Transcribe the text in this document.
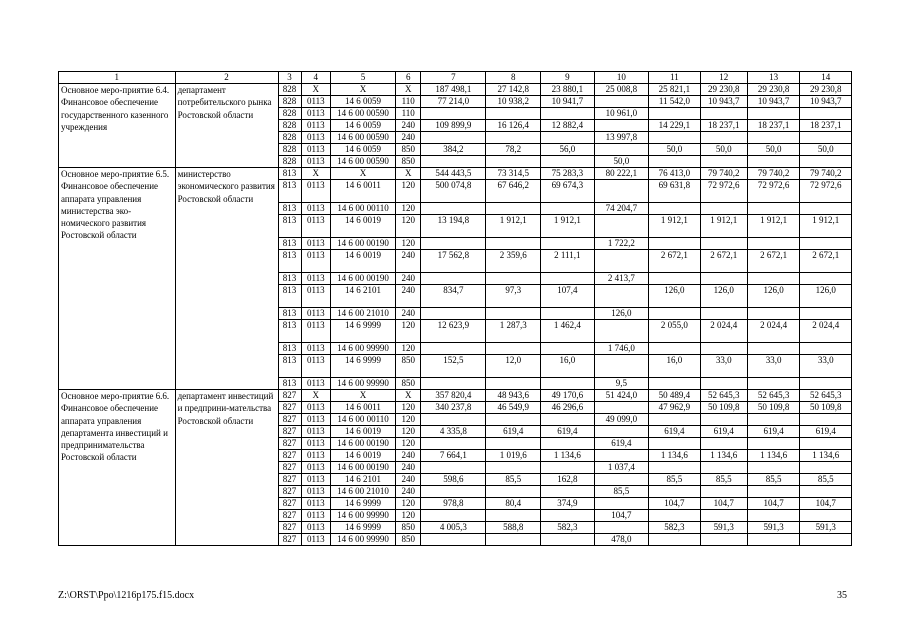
1	2	3	4	5	6	7	8	9	10	11	12	13	14
Основное меро-приятие 6.4. Финансовое обеспечение государственного казенного учреждения	департамент потребительского рынка Ростовской области	828	X	X	X	187 498,1	27 142,8	23 880,1	25 008,8	25 821,1	29 230,8	29 230,8	29 230,8

		828	0113	14 6 0059	110	77 214,0	10 938,2	10 941,7		11 542,0	10 943,7	10 943,7	10 943,7

		828	0113	14 6 00 00590	110				10 961,0				

		828	0113	14 6 0059	240	109 899,9	16 126,4	12 882,4		14 229,1	18 237,1	18 237,1	18 237,1

		828	0113	14 6 00 00590	240				13 997,8				

		828	0113	14 6 0059	850	384,2	78,2	56,0		50,0	50,0	50,0	50,0

		828	0113	14 6 00 00590	850				50,0				

Основное меро-приятие 6.5. Финансовое обеспечение аппарата управления министерства эко-номического развития Ростовской области	министерство экономического развития Ростовской области	813	X	X	X	544 443,5	73 314,5	75 283,3	80 222,1	76 413,0	79 740,2	79 740,2	79 740,2

		813	0113	14 6 0011	120	500 074,8	67 646,2	69 674,3		69 631,8	72 972,6	72 972,6	72 972,6

		813	0113	14 6 00 00110	120				74 204,7				

		813	0113	14 6 0019	120	13 194,8	1 912,1	1 912,1		1 912,1	1 912,1	1 912,1	1 912,1

		813	0113	14 6 00 00190	120				1 722,2				

		813	0113	14 6 0019	240	17 562,8	2 359,6	2 111,1		2 672,1	2 672,1	2 672,1	2 672,1

		813	0113	14 6 00 00190	240				2 413,7				

		813	0113	14 6 2101	240	834,7	97,3	107,4		126,0	126,0	126,0	126,0

		813	0113	14 6 00 21010	240				126,0				

		813	0113	14 6 9999	120	12 623,9	1 287,3	1 462,4		2 055,0	2 024,4	2 024,4	2 024,4

		813	0113	14 6 00 99990	120				1 746,0				

		813	0113	14 6 9999	850	152,5	12,0	16,0		16,0	33,0	33,0	33,0

		813	0113	14 6 00 99990	850				9,5				

Основное меро-приятие 6.6. Финансовое обеспечение аппарата управления департамента инвестиций и предпринимательства Ростовской области	департамент инвестиций и предприни-мательства Ростовской области	827	X	X	X	357 820,4	48 943,6	49 170,6	51 424,0	50 489,4	52 645,3	52 645,3	52 645,3

		827	0113	14 6 0011	120	340 237,8	46 549,9	46 296,6		47 962,9	50 109,8	50 109,8	50 109,8

		827	0113	14 6 00 00110	120				49 099,0				

		827	0113	14 6 0019	120	4 335,8	619,4	619,4		619,4	619,4	619,4	619,4

		827	0113	14 6 00 00190	120				619,4				

		827	0113	14 6 0019	240	7 664,1	1 019,6	1 134,6		1 134,6	1 134,6	1 134,6	1 134,6

		827	0113	14 6 00 00190	240				1 037,4				

		827	0113	14 6 2101	240	598,6	85,5	162,8		85,5	85,5	85,5	85,5

		827	0113	14 6 00 21010	240				85,5				

		827	0113	14 6 9999	120	978,8	80,4	374,9		104,7	104,7	104,7	104,7

		827	0113	14 6 00 99990	120				104,7				

		827	0113	14 6 9999	850	4 005,3	588,8	582,3		582,3	591,3	591,3	591,3

		827	0113	14 6 00 99990	850				478,0				

Z:\ORST\Ppo\1216p175.f15.docx	35
